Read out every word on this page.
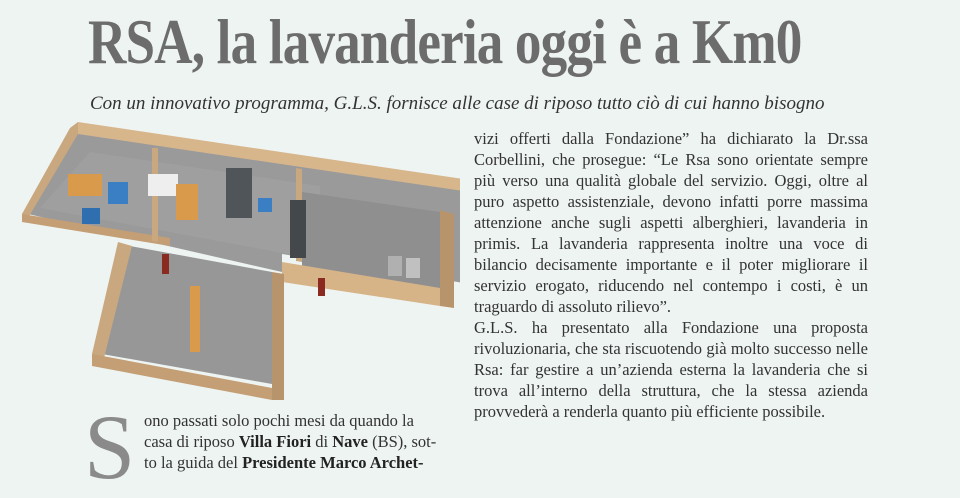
RSA, la lavanderia oggi è a Km0
Con un innovativo programma, G.L.S. fornisce alle case di riposo tutto ciò di cui hanno bisogno

vizi offerti dalla Fondazione” ha dichiarato la Dr.ssa Corbellini, che prosegue: “Le Rsa sono orientate sempre più verso una qualità globale del servizio. Oggi, oltre al puro aspetto assistenziale, devono infatti porre massima attenzione anche sugli aspetti alberghieri, lavanderia in primis. La lavanderia rappresenta inoltre una voce di bilancio decisamente importante e il poter migliorare il servizio erogato, riducendo nel contempo i costi, è un traguardo di assoluto rilievo”.

G.L.S. ha presentato alla Fondazione una proposta rivoluzionaria, che sta riscuotendo già molto successo nelle Rsa: far gestire a un’azienda esterna la lavanderia che si trova all’interno della struttura, che la stessa azienda provvederà a renderla quanto più efficiente possibile.

S ono passati solo pochi mesi da quando la
casa di riposo Villa Fiori di Nave (BS), sot-
to la guida del Presidente Marco Archet-
